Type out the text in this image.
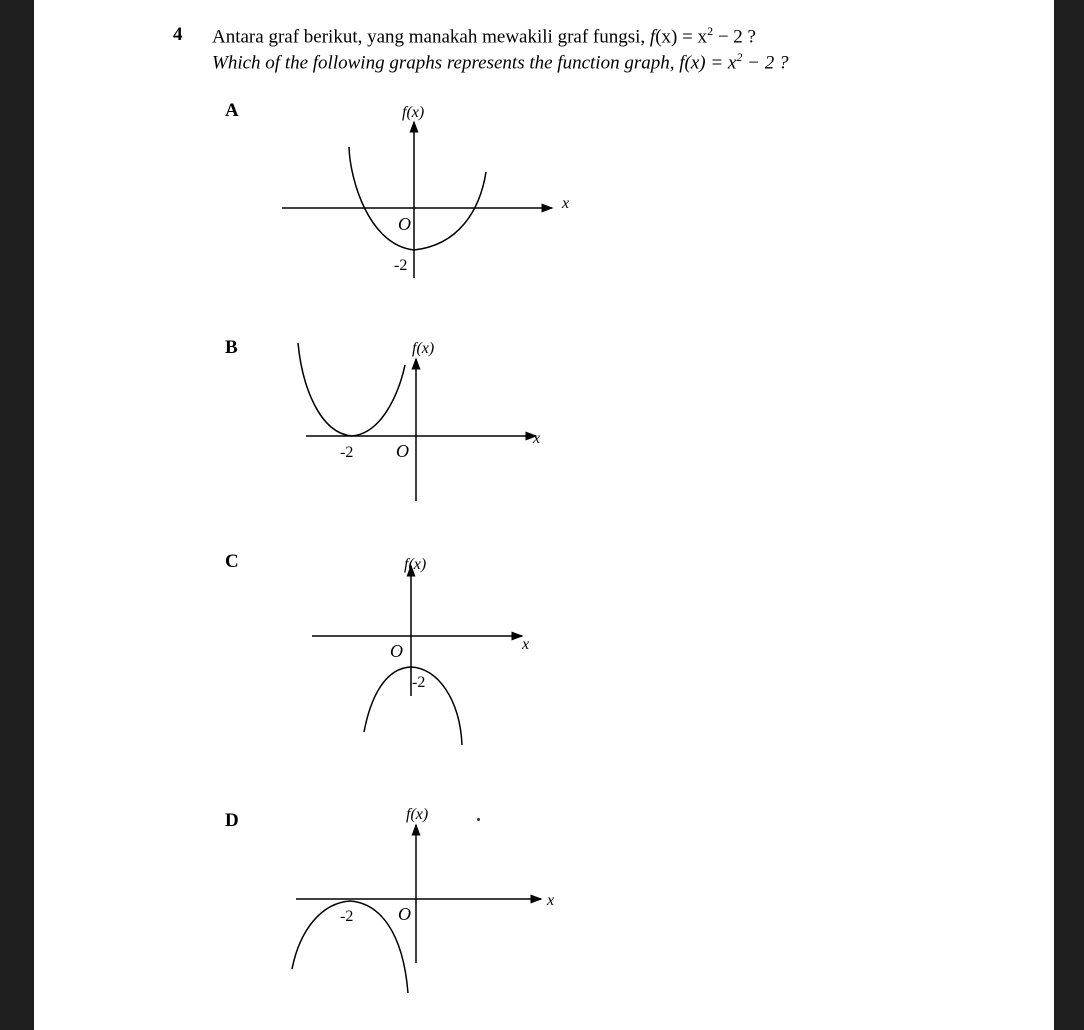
4 Antara graf berikut, yang manakah mewakili graf fungsi, $f(x) = x^2 - 2$ ?
Which of the following graphs represents the function graph, $f(x) = x^2 - 2$ ?
A	f(x)
O
-2
x
B	f(x)
-2 O
x
C	f(x)
O
-2
x
D	f(x)
-2 O
x
